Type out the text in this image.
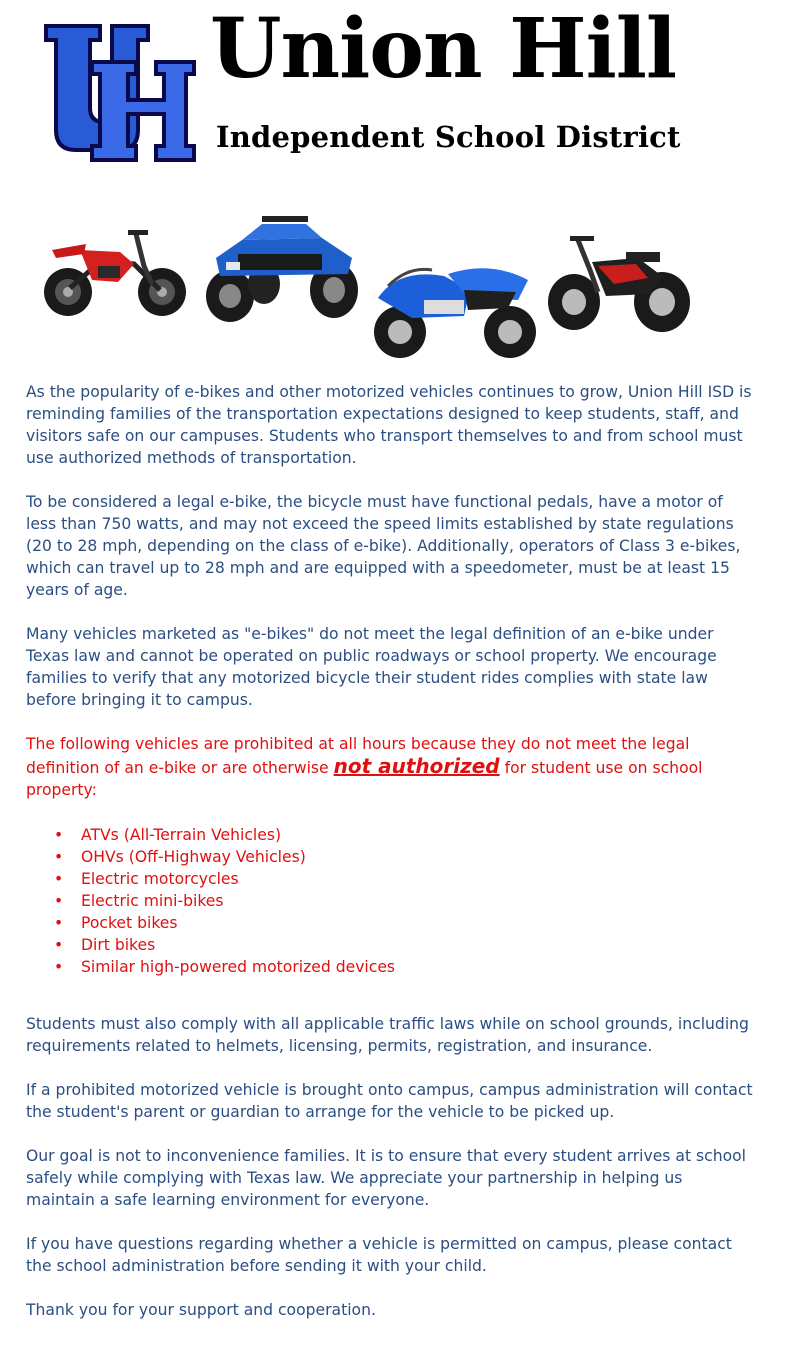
Union Hill
Independent School District

As the popularity of e-bikes and other motorized vehicles continues to grow, Union Hill ISD is reminding families of the transportation expectations designed to keep students, staff, and visitors safe on our campuses. Students who transport themselves to and from school must use authorized methods of transportation.

To be considered a legal e-bike, the bicycle must have functional pedals, have a motor of less than 750 watts, and may not exceed the speed limits established by state regulations (20 to 28 mph, depending on the class of e-bike). Additionally, operators of Class 3 e-bikes, which can travel up to 28 mph and are equipped with a speedometer, must be at least 15 years of age.

Many vehicles marketed as "e-bikes" do not meet the legal definition of an e-bike under Texas law and cannot be operated on public roadways or school property. We encourage families to verify that any motorized bicycle their student rides complies with state law before bringing it to campus.

The following vehicles are prohibited at all hours because they do not meet the legal definition of an e-bike or are otherwise not authorized for student use on school property:

• ATVs (All-Terrain Vehicles)
• OHVs (Off-Highway Vehicles)
• Electric motorcycles
• Electric mini-bikes
• Pocket bikes
• Dirt bikes
• Similar high-powered motorized devices

Students must also comply with all applicable traffic laws while on school grounds, including requirements related to helmets, licensing, permits, registration, and insurance.

If a prohibited motorized vehicle is brought onto campus, campus administration will contact the student's parent or guardian to arrange for the vehicle to be picked up.

Our goal is not to inconvenience families. It is to ensure that every student arrives at school safely while complying with Texas law. We appreciate your partnership in helping us maintain a safe learning environment for everyone.

If you have questions regarding whether a vehicle is permitted on campus, please contact the school administration before sending it with your child.

Thank you for your support and cooperation.
